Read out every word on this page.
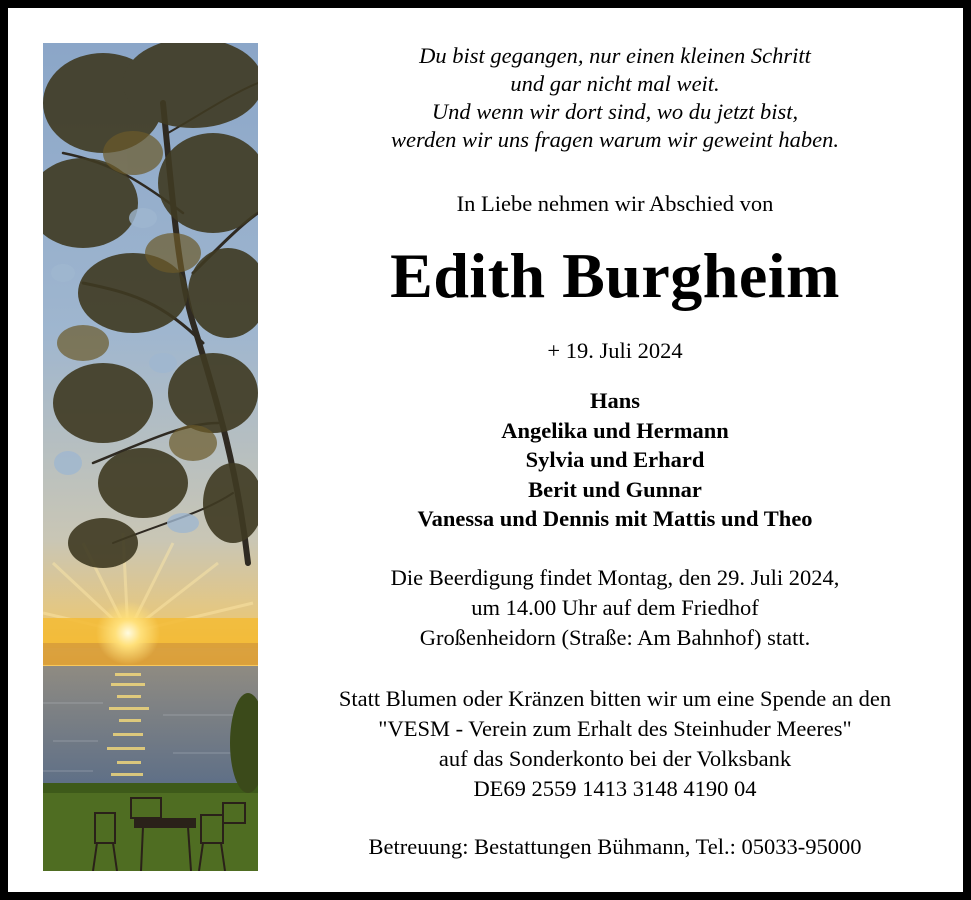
Du bist gegangen, nur einen kleinen Schritt
und gar nicht mal weit.
Und wenn wir dort sind, wo du jetzt bist,
werden wir uns fragen warum wir geweint haben.

In Liebe nehmen wir Abschied von
Edith Burgheim
+ 19. Juli 2024
Hans
Angelika und Hermann
Sylvia und Erhard
Berit und Gunnar
Vanessa und Dennis mit Mattis und Theo
Die Beerdigung findet Montag, den 29. Juli 2024,
um 14.00 Uhr auf dem Friedhof
Großenheidorn (Straße: Am Bahnhof) statt.
Statt Blumen oder Kränzen bitten wir um eine Spende an den
"VESM - Verein zum Erhalt des Steinhuder Meeres"
auf das Sonderkonto bei der Volksbank
DE69 2559 1413 3148 4190 04
Betreuung: Bestattungen Bühmann, Tel.: 05033-95000
